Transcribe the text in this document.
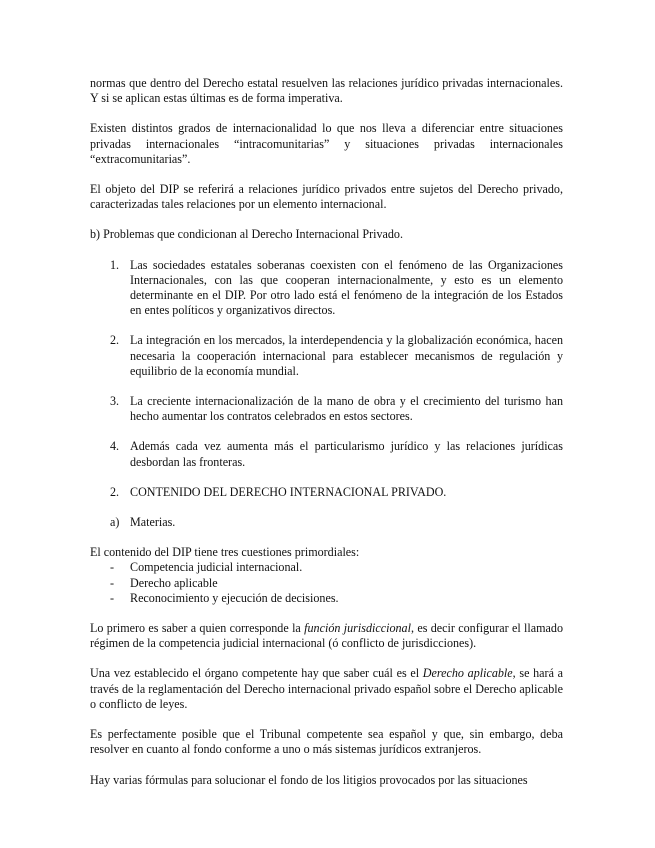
normas que dentro del Derecho estatal resuelven las relaciones jurídico privadas internacionales. Y si se aplican estas últimas es de forma imperativa.

Existen distintos grados de internacionalidad lo que nos lleva a diferenciar entre situaciones privadas internacionales “intracomunitarias” y situaciones privadas internacionales “extracomunitarias”.

El objeto del DIP se referirá a relaciones jurídico privados entre sujetos del Derecho privado, caracterizadas tales relaciones por un elemento internacional.

b) Problemas que condicionan al Derecho Internacional Privado.

1. Las sociedades estatales soberanas coexisten con el fenómeno de las Organizaciones Internacionales, con las que cooperan internacionalmente, y esto es un elemento determinante en el DIP. Por otro lado está el fenómeno de la integración de los Estados en entes políticos y organizativos directos.
2. La integración en los mercados, la interdependencia y la globalización económica, hacen necesaria la cooperación internacional para establecer mecanismos de regulación y equilibrio de la economía mundial.
3. La creciente internacionalización de la mano de obra y el crecimiento del turismo han hecho aumentar los contratos celebrados en estos sectores.
4. Además cada vez aumenta más el particularismo jurídico y las relaciones jurídicas desbordan las fronteras.
2. CONTENIDO DEL DERECHO INTERNACIONAL PRIVADO.
a) Materias.
El contenido del DIP tiene tres cuestiones primordiales:
-	Competencia judicial internacional.
-	Derecho aplicable
-	Reconocimiento y ejecución de decisiones.

Lo primero es saber a quien corresponde la función jurisdiccional, es decir configurar el llamado régimen de la competencia judicial internacional (ó conflicto de jurisdicciones).

Una vez establecido el órgano competente hay que saber cuál es el Derecho aplicable, se hará a través de la reglamentación del Derecho internacional privado español sobre el Derecho aplicable o conflicto de leyes.

Es perfectamente posible que el Tribunal competente sea español y que, sin embargo, deba resolver en cuanto al fondo conforme a uno o más sistemas jurídicos extranjeros.

Hay varias fórmulas para solucionar el fondo de los litigios provocados por las situaciones
